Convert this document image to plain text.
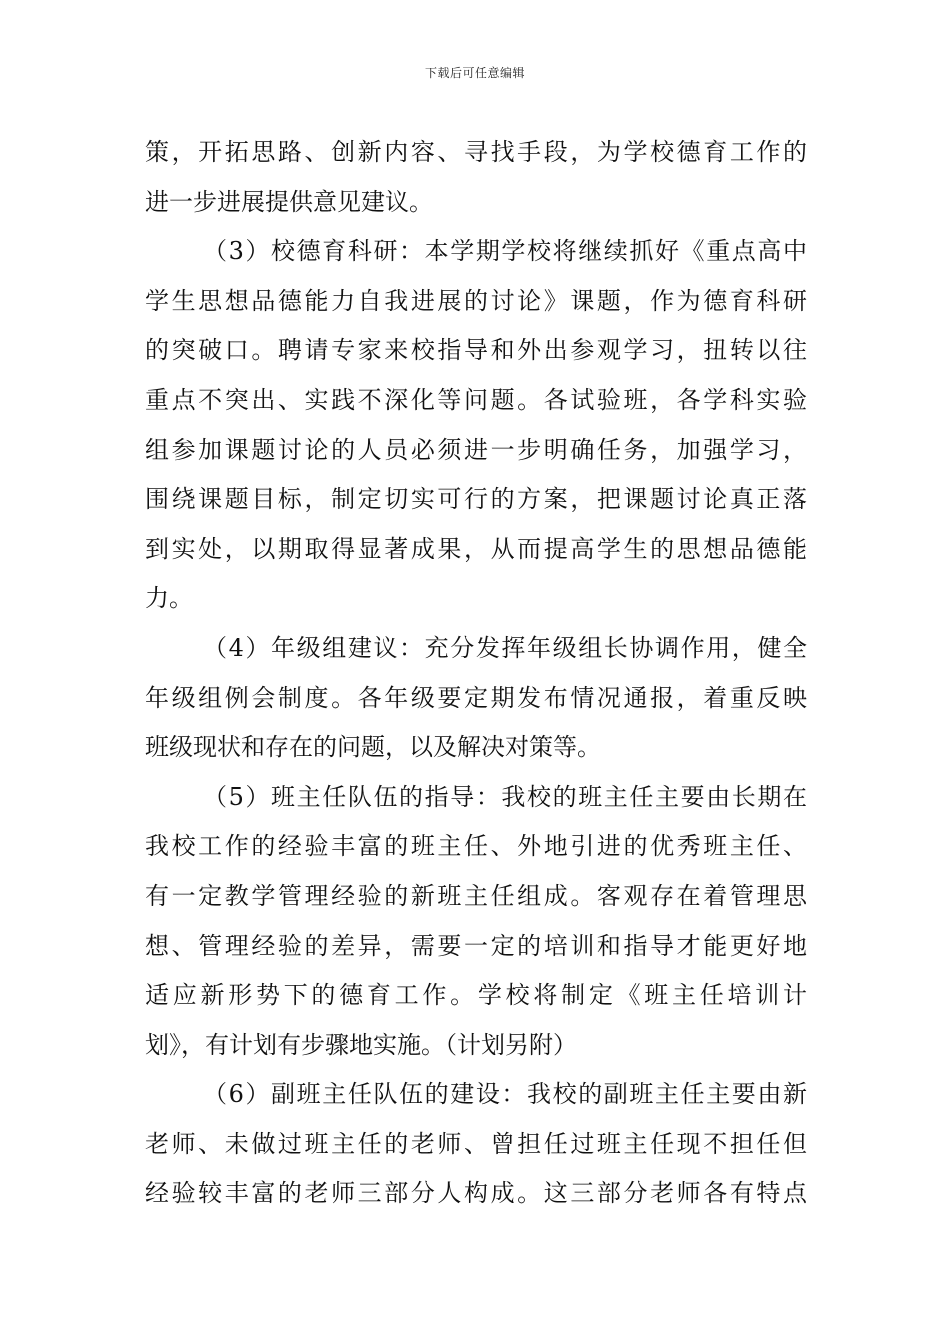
下载后可任意编辑
策，开拓思路、创新内容、寻找手段，为学校德育工作的
进一步进展提供意见建议。
（3）校德育科研：本学期学校将继续抓好《重点高中
学生思想品德能力自我进展的讨论》课题，作为德育科研
的突破口。聘请专家来校指导和外出参观学习，扭转以往
重点不突出、实践不深化等问题。各试验班，各学科实验
组参加课题讨论的人员必须进一步明确任务，加强学习，
围绕课题目标，制定切实可行的方案，把课题讨论真正落
到实处，以期取得显著成果，从而提高学生的思想品德能
力。
（4）年级组建议：充分发挥年级组长协调作用，健全
年级组例会制度。各年级要定期发布情况通报，着重反映
班级现状和存在的问题，以及解决对策等。
（5）班主任队伍的指导：我校的班主任主要由长期在
我校工作的经验丰富的班主任、外地引进的优秀班主任、
有一定教学管理经验的新班主任组成。客观存在着管理思
想、管理经验的差异，需要一定的培训和指导才能更好地
适应新形势下的德育工作。学校将制定《班主任培训计
划》，有计划有步骤地实施。（计划另附）
（6）副班主任队伍的建设：我校的副班主任主要由新
老师、未做过班主任的老师、曾担任过班主任现不担任但
经验较丰富的老师三部分人构成。这三部分老师各有特点
